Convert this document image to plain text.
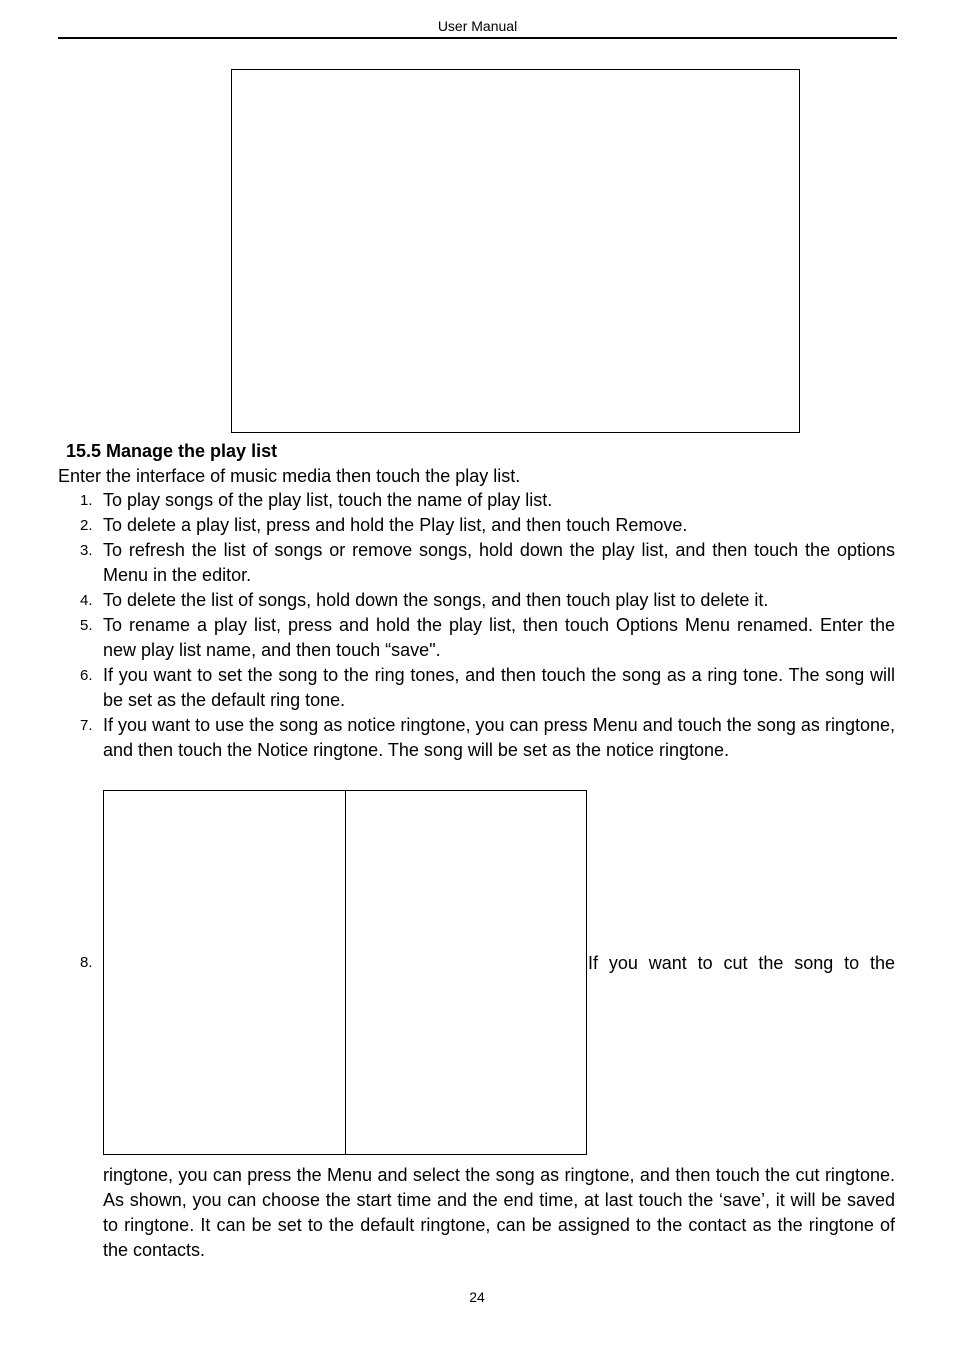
User Manual
15.5 Manage the play list
Enter the interface of music media then touch the play list.
1. To play songs of the play list, touch the name of play list.
2. To delete a play list, press and hold the Play list, and then touch Remove.
3. To refresh the list of songs or remove songs, hold down the play list, and then touch the options Menu in the editor.
4. To delete the list of songs, hold down the songs, and then touch play list to delete it.
5. To rename a play list, press and hold the play list, then touch Options Menu renamed. Enter the new play list name, and then touch “save".
6. If you want to set the song to the ring tones, and then touch the song as a ring tone. The song will be set as the default ring tone.
7. If you want to use the song as notice ringtone, you can press Menu and touch the song as ringtone, and then touch the Notice ringtone. The song will be set as the notice ringtone.
8.	If you want to cut the song to the
ringtone, you can press the Menu and select the song as ringtone, and then touch the cut ringtone. As shown, you can choose the start time and the end time, at last touch the ‘save’, it will be saved to ringtone. It can be set to the default ringtone, can be assigned to the contact as the ringtone of the contacts.
24
